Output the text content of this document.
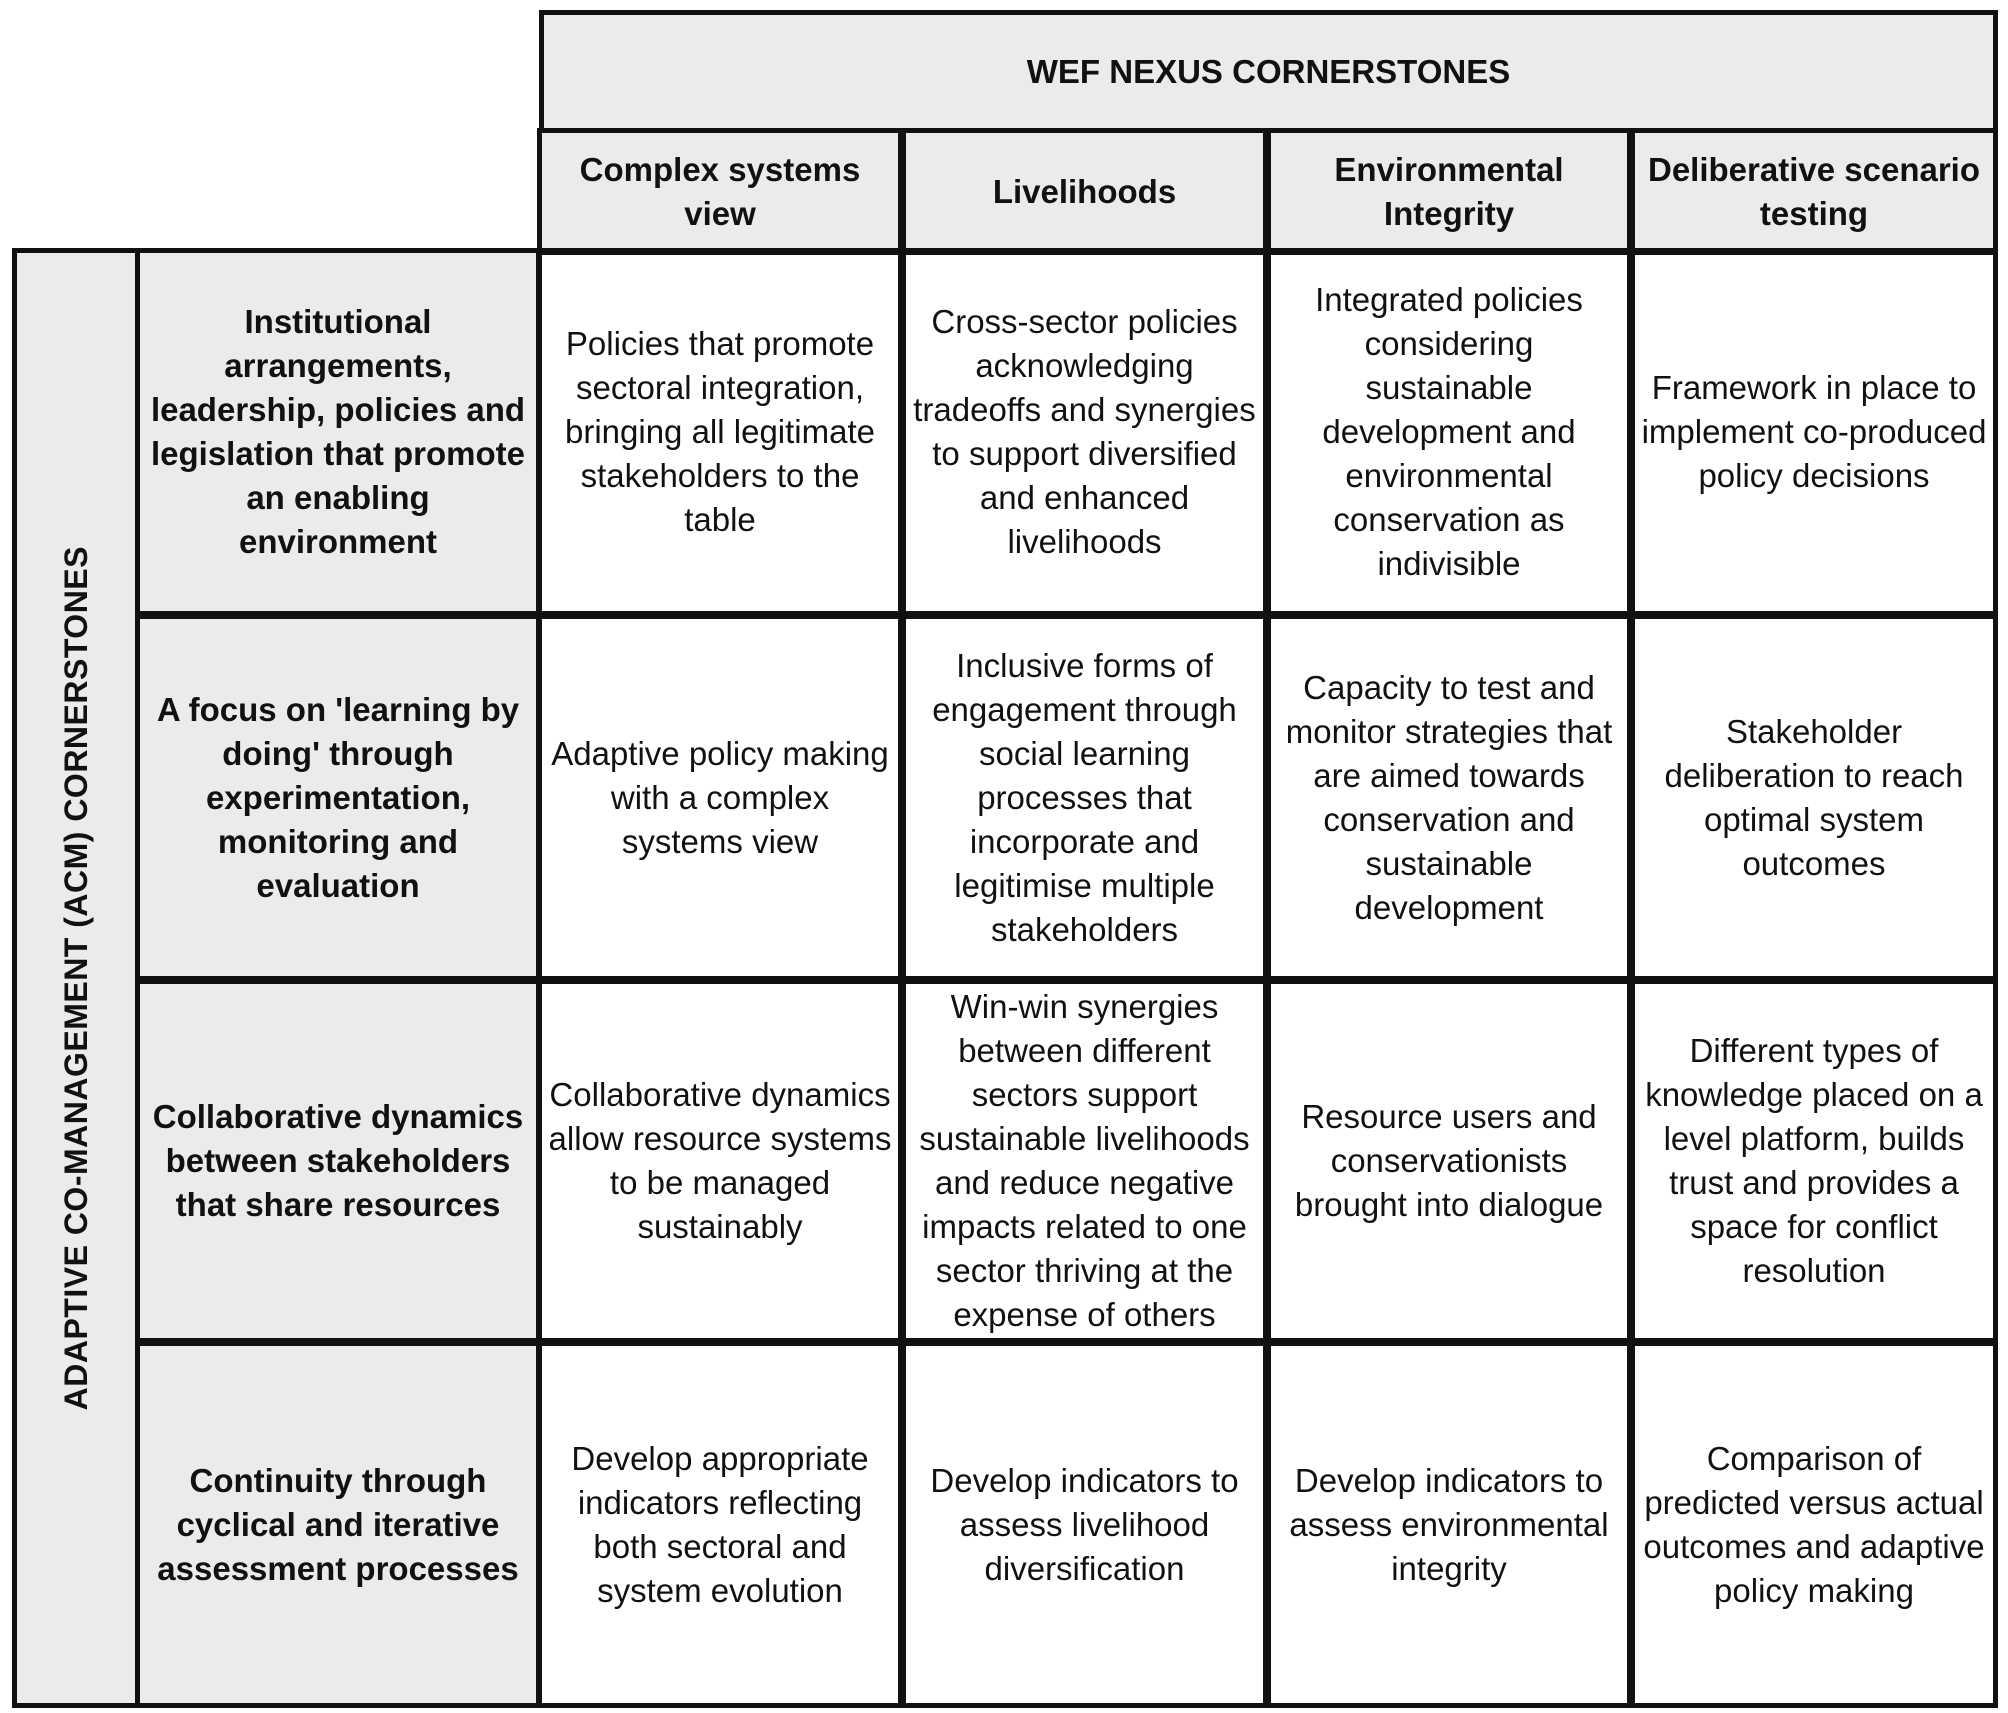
WEF NEXUS CORNERSTONES
ADAPTIVE CO-MANAGEMENT (ACM) CORNERSTONES
Complex systems view
Livelihoods
Environmental Integrity
Deliberative scenario testing
Institutional arrangements, leadership, policies and legislation that promote an enabling environment
Policies that promote sectoral integration, bringing all legitimate stakeholders to the table
Cross-sector policies acknowledging tradeoffs and synergies to support diversified and enhanced livelihoods
Integrated policies considering sustainable development and environmental conservation as indivisible
Framework in place to implement co-produced policy decisions
A focus on 'learning by doing' through experimentation, monitoring and evaluation
Adaptive policy making with a complex systems view
Inclusive forms of engagement through social learning processes that incorporate and legitimise multiple stakeholders
Capacity to test and monitor strategies that are aimed towards conservation and sustainable development
Stakeholder deliberation to reach optimal system outcomes
Collaborative dynamics between stakeholders that share resources
Collaborative dynamics allow resource systems to be managed sustainably
Win-win synergies between different sectors support sustainable livelihoods and reduce negative impacts related to one sector thriving at the expense of others
Resource users and conservationists brought into dialogue
Different types of knowledge placed on a level platform, builds trust and provides a space for conflict resolution
Continuity through cyclical and iterative assessment processes
Develop appropriate indicators reflecting both sectoral and system evolution
Develop indicators to assess livelihood diversification
Develop indicators to assess environmental integrity
Comparison of predicted versus actual outcomes and adaptive policy making
